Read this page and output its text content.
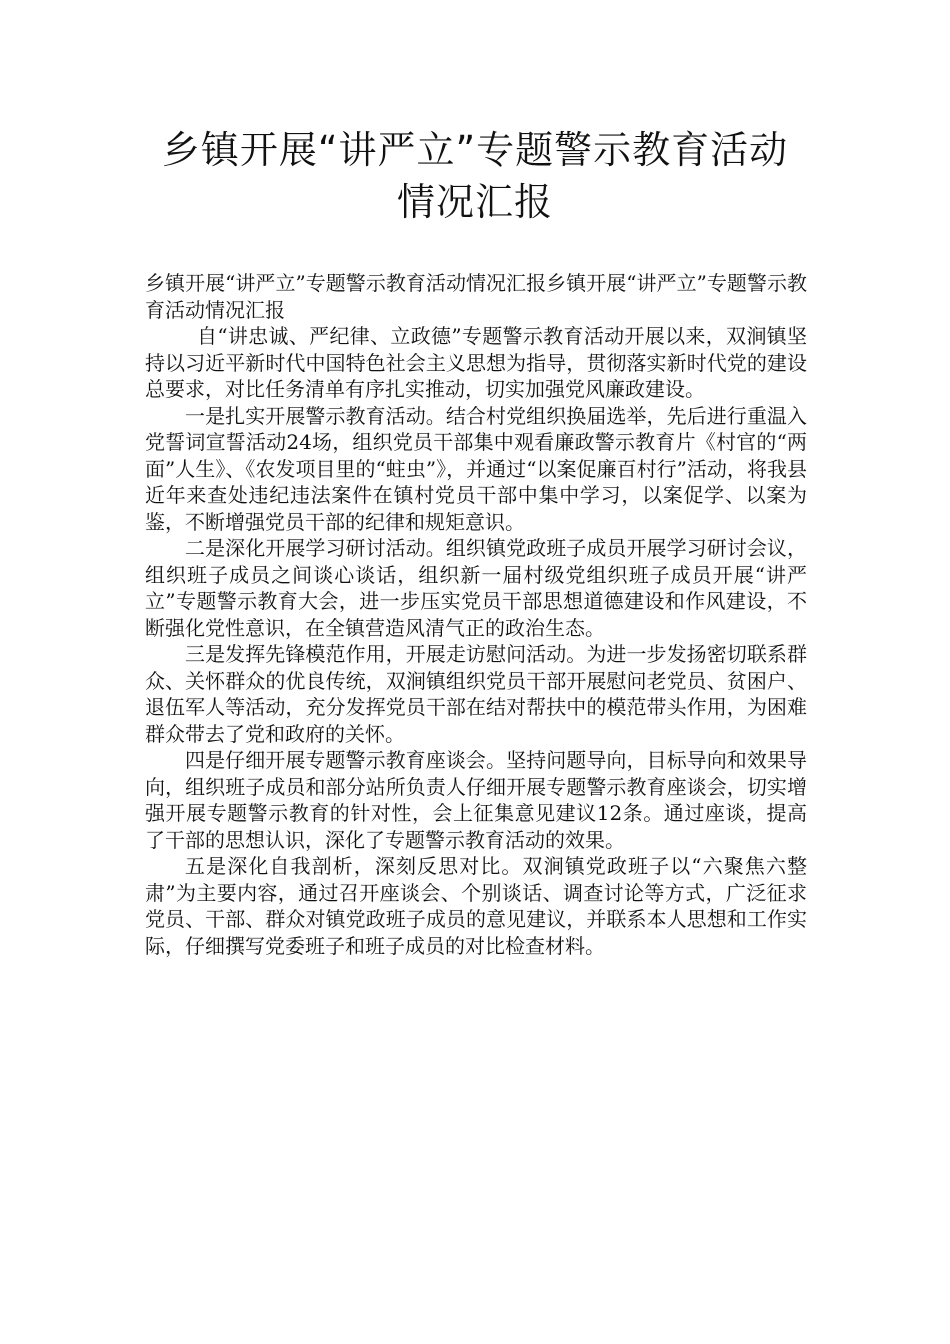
乡镇开展“讲严立”专题警示教育活动
情况汇报

乡镇开展“讲严立”专题警示教育活动情况汇报乡镇开展“讲严立”专题警示教育活动情况汇报

自“讲忠诚、严纪律、立政德”专题警示教育活动开展以来，双涧镇坚持以习近平新时代中国特色社会主义思想为指导，贯彻落实新时代党的建设总要求，对比任务清单有序扎实推动，切实加强党风廉政建设。

一是扎实开展警示教育活动。结合村党组织换届选举，先后进行重温入党誓词宣誓活动24场，组织党员干部集中观看廉政警示教育片《村官的“两面”人生》、《农发项目里的“蛀虫”》，并通过“以案促廉百村行”活动，将我县近年来查处违纪违法案件在镇村党员干部中集中学习，以案促学、以案为鉴，不断增强党员干部的纪律和规矩意识。

二是深化开展学习研讨活动。组织镇党政班子成员开展学习研讨会议，组织班子成员之间谈心谈话，组织新一届村级党组织班子成员开展“讲严立”专题警示教育大会，进一步压实党员干部思想道德建设和作风建设，不断强化党性意识，在全镇营造风清气正的政治生态。

三是发挥先锋模范作用，开展走访慰问活动。为进一步发扬密切联系群众、关怀群众的优良传统，双涧镇组织党员干部开展慰问老党员、贫困户、退伍军人等活动，充分发挥党员干部在结对帮扶中的模范带头作用，为困难群众带去了党和政府的关怀。

四是仔细开展专题警示教育座谈会。坚持问题导向，目标导向和效果导向，组织班子成员和部分站所负责人仔细开展专题警示教育座谈会，切实增强开展专题警示教育的针对性，会上征集意见建议12条。通过座谈，提高了干部的思想认识，深化了专题警示教育活动的效果。

五是深化自我剖析，深刻反思对比。双涧镇党政班子以“六聚焦六整肃”为主要内容，通过召开座谈会、个别谈话、调查讨论等方式，广泛征求党员、干部、群众对镇党政班子成员的意见建议，并联系本人思想和工作实际，仔细撰写党委班子和班子成员的对比检查材料。
